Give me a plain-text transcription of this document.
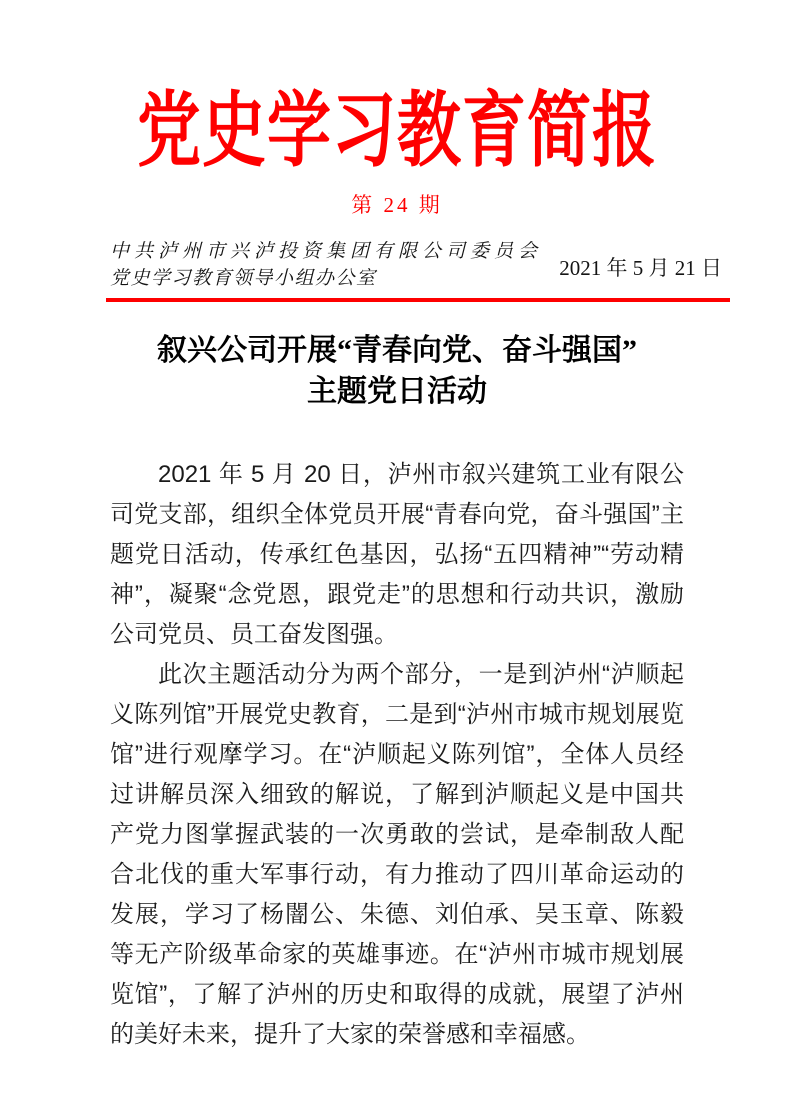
党史学习教育简报
第 24 期
中共泸州市兴泸投资集团有限公司委员会
党史学习教育领导小组办公室	2021 年 5 月 21 日
叙兴公司开展“青春向党、奋斗强国”
主题党日活动

2021 年 5 月 20 日，泸州市叙兴建筑工业有限公司党支部，组织全体党员开展“青春向党，奋斗强国”主题党日活动，传承红色基因，弘扬“五四精神”“劳动精神”，凝聚“念党恩，跟党走”的思想和行动共识，激励公司党员、员工奋发图强。

此次主题活动分为两个部分，一是到泸州“泸顺起义陈列馆”开展党史教育，二是到“泸州市城市规划展览馆”进行观摩学习。在“泸顺起义陈列馆”，全体人员经过讲解员深入细致的解说，了解到泸顺起义是中国共产党力图掌握武装的一次勇敢的尝试，是牵制敌人配合北伐的重大军事行动，有力推动了四川革命运动的发展，学习了杨闇公、朱德、刘伯承、吴玉章、陈毅等无产阶级革命家的英雄事迹。在“泸州市城市规划展览馆”，了解了泸州的历史和取得的成就，展望了泸州的美好未来，提升了大家的荣誉感和幸福感。
